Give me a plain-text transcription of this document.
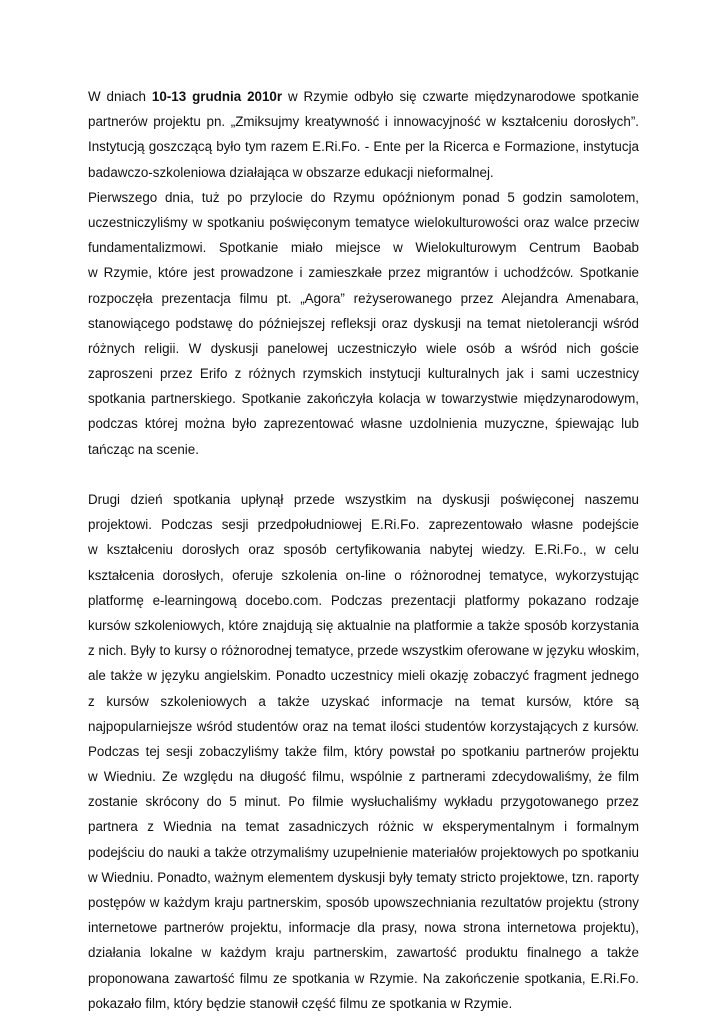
W dniach 10-13 grudnia 2010r w Rzymie odbyło się czwarte międzynarodowe spotkanie
partnerów projektu pn. „Zmiksujmy kreatywność i innowacyjność w kształceniu dorosłych”.
Instytucją goszczącą było tym razem E.Ri.Fo. - Ente per la Ricerca e Formazione, instytucja
badawczo-szkoleniowa działająca w obszarze edukacji nieformalnej.
Pierwszego dnia, tuż po przylocie do Rzymu opóźnionym ponad 5 godzin samolotem,
uczestniczyliśmy w spotkaniu poświęconym tematyce wielokulturowości oraz walce przeciw
fundamentalizmowi. Spotkanie miało miejsce w Wielokulturowym Centrum Baobab
w Rzymie, które jest prowadzone i zamieszkałe przez migrantów i uchodźców. Spotkanie
rozpoczęła prezentacja filmu pt. „Agora” reżyserowanego przez Alejandra Amenabara,
stanowiącego podstawę do późniejszej refleksji oraz dyskusji na temat nietolerancji wśród
różnych religii. W dyskusji panelowej uczestniczyło wiele osób a wśród nich goście
zaproszeni przez Erifo z różnych rzymskich instytucji kulturalnych jak i sami uczestnicy
spotkania partnerskiego. Spotkanie zakończyła kolacja w towarzystwie międzynarodowym,
podczas której można było zaprezentować własne uzdolnienia muzyczne, śpiewając lub
tańcząc na scenie.
Drugi dzień spotkania upłynął przede wszystkim na dyskusji poświęconej naszemu
projektowi. Podczas sesji przedpołudniowej E.Ri.Fo. zaprezentowało własne podejście
w kształceniu dorosłych oraz sposób certyfikowania nabytej wiedzy. E.Ri.Fo., w celu
kształcenia dorosłych, oferuje szkolenia on-line o różnorodnej tematyce, wykorzystując
platformę e-learningową docebo.com. Podczas prezentacji platformy pokazano rodzaje
kursów szkoleniowych, które znajdują się aktualnie na platformie a także sposób korzystania
z nich. Były to kursy o różnorodnej tematyce, przede wszystkim oferowane w języku włoskim,
ale także w języku angielskim. Ponadto uczestnicy mieli okazję zobaczyć fragment jednego
z kursów szkoleniowych a także uzyskać informacje na temat kursów, które są
najpopularniejsze wśród studentów oraz na temat ilości studentów korzystających z kursów.
Podczas tej sesji zobaczyliśmy także film, który powstał po spotkaniu partnerów projektu
w Wiedniu. Ze względu na długość filmu, wspólnie z partnerami zdecydowaliśmy, że film
zostanie skrócony do 5 minut. Po filmie wysłuchaliśmy wykładu przygotowanego przez
partnera z Wiednia na temat zasadniczych różnic w eksperymentalnym i formalnym
podejściu do nauki a także otrzymaliśmy uzupełnienie materiałów projektowych po spotkaniu
w Wiedniu. Ponadto, ważnym elementem dyskusji były tematy stricto projektowe, tzn. raporty
postępów w każdym kraju partnerskim, sposób upowszechniania rezultatów projektu (strony
internetowe partnerów projektu, informacje dla prasy, nowa strona internetowa projektu),
działania lokalne w każdym kraju partnerskim, zawartość produktu finalnego a także
proponowana zawartość filmu ze spotkania w Rzymie. Na zakończenie spotkania, E.Ri.Fo.
pokazało film, który będzie stanowił część filmu ze spotkania w Rzymie.
